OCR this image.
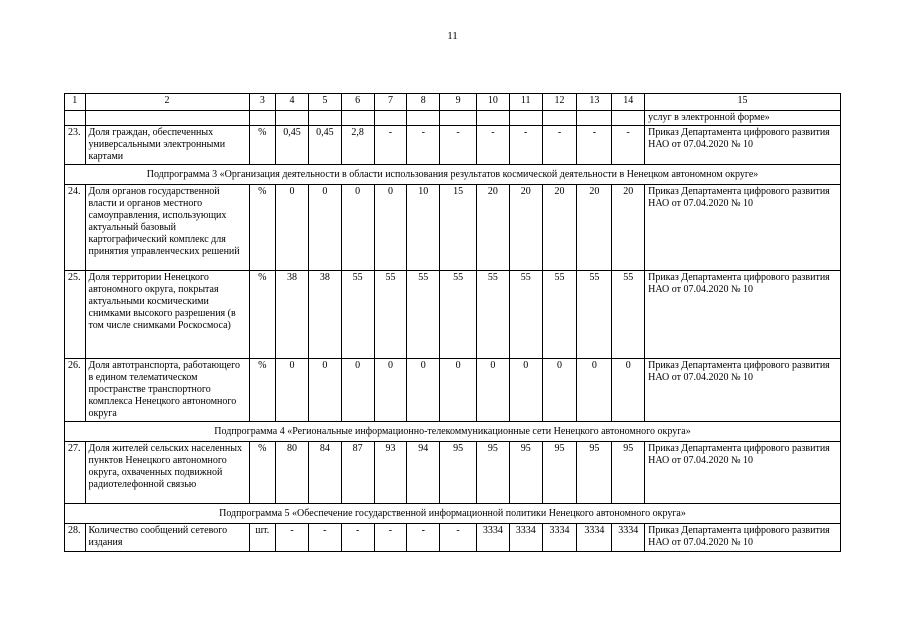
11
1	2	3	4	5	6	7	8	9	10	11	12	13	14	15
														услуг в электронной форме»
23.	Доля граждан, обеспеченных универсальными электронными картами	%	0,45	0,45	2,8	-	-	-	-	-	-	-	-	Приказ Департамента цифрового развития НАО от 07.04.2020 № 10
Подпрограмма 3 «Организация деятельности в области использования результатов космической деятельности в Ненецком автономном округе»														
24.	Доля органов государственной власти и органов местного самоуправления, использующих актуальный базовый картографический комплекс для принятия управленческих решений	%	0	0	0	0	10	15	20	20	20	20	20	Приказ Департамента цифрового развития НАО от 07.04.2020 № 10
25.	Доля территории Ненецкого автономного округа, покрытая актуальными космическими снимками высокого разрешения (в том числе снимками Роскосмоса)	%	38	38	55	55	55	55	55	55	55	55	55	Приказ Департамента цифрового развития НАО от 07.04.2020 № 10
26.	Доля автотранспорта, работающего в едином телематическом пространстве транспортного комплекса Ненецкого автономного округа	%	0	0	0	0	0	0	0	0	0	0	0	Приказ Департамента цифрового развития НАО от 07.04.2020 № 10
Подпрограмма 4 «Региональные информационно-телекоммуникационные сети Ненецкого автономного округа»														
27.	Доля жителей сельских населенных пунктов Ненецкого автономного округа, охваченных подвижной радиотелефонной связью	%	80	84	87	93	94	95	95	95	95	95	95	Приказ Департамента цифрового развития НАО от 07.04.2020 № 10
Подпрограмма 5 «Обеспечение государственной информационной политики Ненецкого автономного округа»														
28.	Количество сообщений сетевого издания	шт.	-	-	-	-	-	-	3334	3334	3334	3334	3334	Приказ Департамента цифрового развития НАО от 07.04.2020 № 10
